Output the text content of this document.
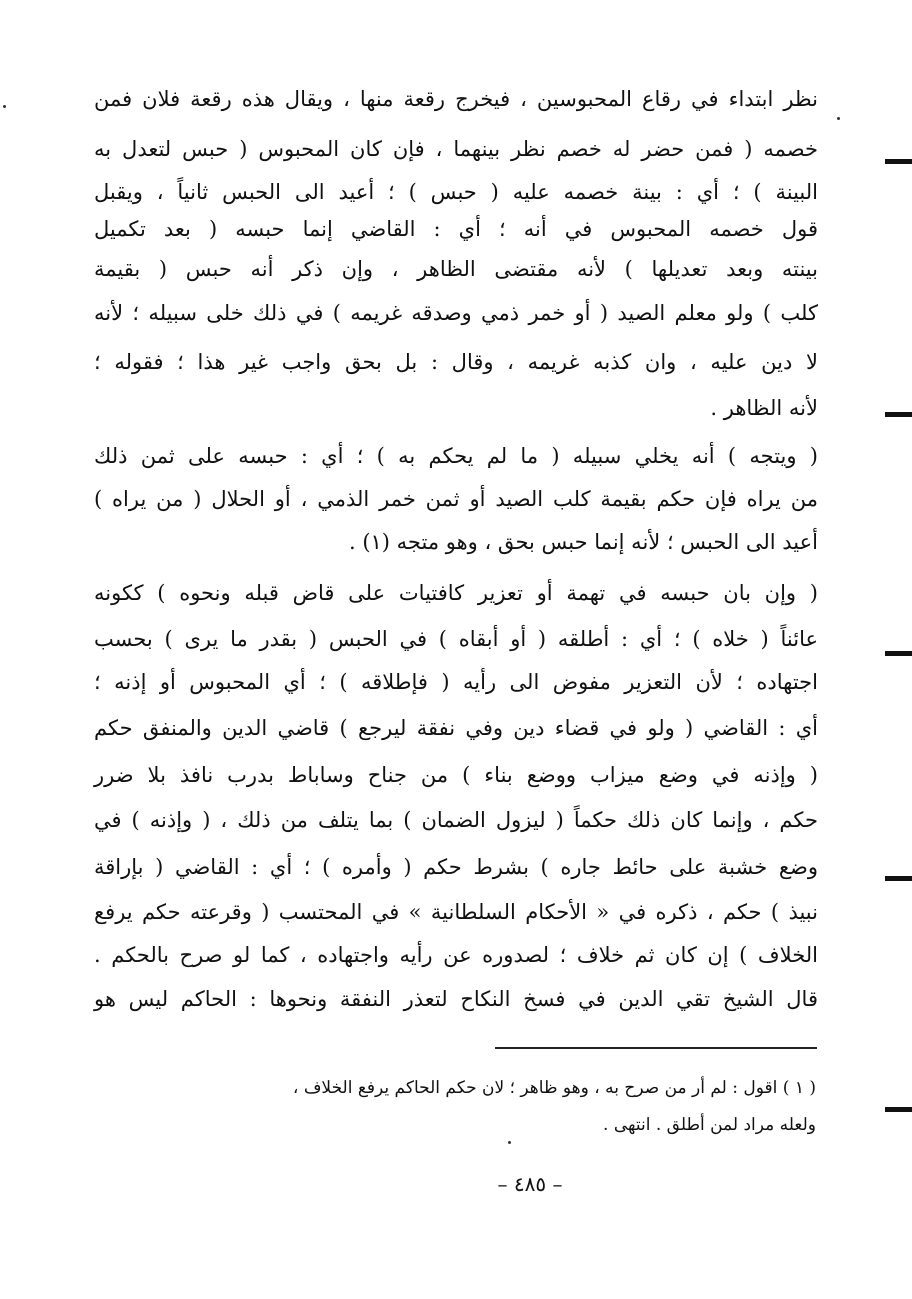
نظر ابتداء في رقاع المحبوسين ، فيخرج رقعة منها ، ويقال هذه رقعة فلان فمن
خصمه ( فمن حضر له خصم نظر بينهما ، فإن كان المحبوس ( حبس لتعدل به
البينة ) ؛ أي : بينة خصمه عليه ( حبس ) ؛ أعيد الى الحبس ثانياً ، ويقبل
قول خصمه المحبوس في أنه ؛ أي : القاضي إنما حبسه ( بعد تكميل
بينته وبعد تعديلها ) لأنه مقتضى الظاهر ، وإن ذكر أنه حبس ( بقيمة
كلب ) ولو معلم الصيد ( أو خمر ذمي وصدقه غريمه ) في ذلك خلى سبيله ؛ لأنه
لا دين عليه ، وان كذبه غريمه ، وقال : بل بحق واجب غير هذا ؛ فقوله ؛
لأنه الظاهر .
( ويتجه ) أنه يخلي سبيله ( ما لم يحكم به ) ؛ أي : حبسه على ثمن ذلك
من يراه فإن حكم بقيمة كلب الصيد أو ثمن خمر الذمي ، أو الحلال ( من يراه )
أعيد الى الحبس ؛ لأنه إنما حبس بحق ، وهو متجه (١) .
( وإن بان حبسه في تهمة أو تعزير كافتيات على قاض قبله ونحوه ) ككونه
عائناً ( خلاه ) ؛ أي : أطلقه ( أو أبقاه ) في الحبس ( بقدر ما يرى ) بحسب
اجتهاده ؛ لأن التعزير مفوض الى رأيه ( فإطلاقه ) ؛ أي المحبوس أو إذنه ؛
أي : القاضي ( ولو في قضاء دين وفي نفقة ليرجع ) قاضي الدين والمنفق حكم
( وإذنه في وضع ميزاب ووضع بناء ) من جناح وساباط بدرب نافذ بلا ضرر
حكم ، وإنما كان ذلك حكماً ( ليزول الضمان ) بما يتلف من ذلك ، ( وإذنه ) في
وضع خشبة على حائط جاره ) بشرط حكم ( وأمره ) ؛ أي : القاضي ( بإراقة
نبيذ ) حكم ، ذكره في « الأحكام السلطانية » في المحتسب ( وقرعته حكم يرفع
الخلاف ) إن كان ثم خلاف ؛ لصدوره عن رأيه واجتهاده ، كما لو صرح بالحكم .
قال الشيخ تقي الدين في فسخ النكاح لتعذر النفقة ونحوها : الحاكم ليس هو
( ١ ) اقول : لم أر من صرح به ، وهو ظاهر ؛ لان حكم الحاكم يرفع الخلاف ،
ولعله مراد لمن أطلق . انتهى .
– ٤٨٥ –
